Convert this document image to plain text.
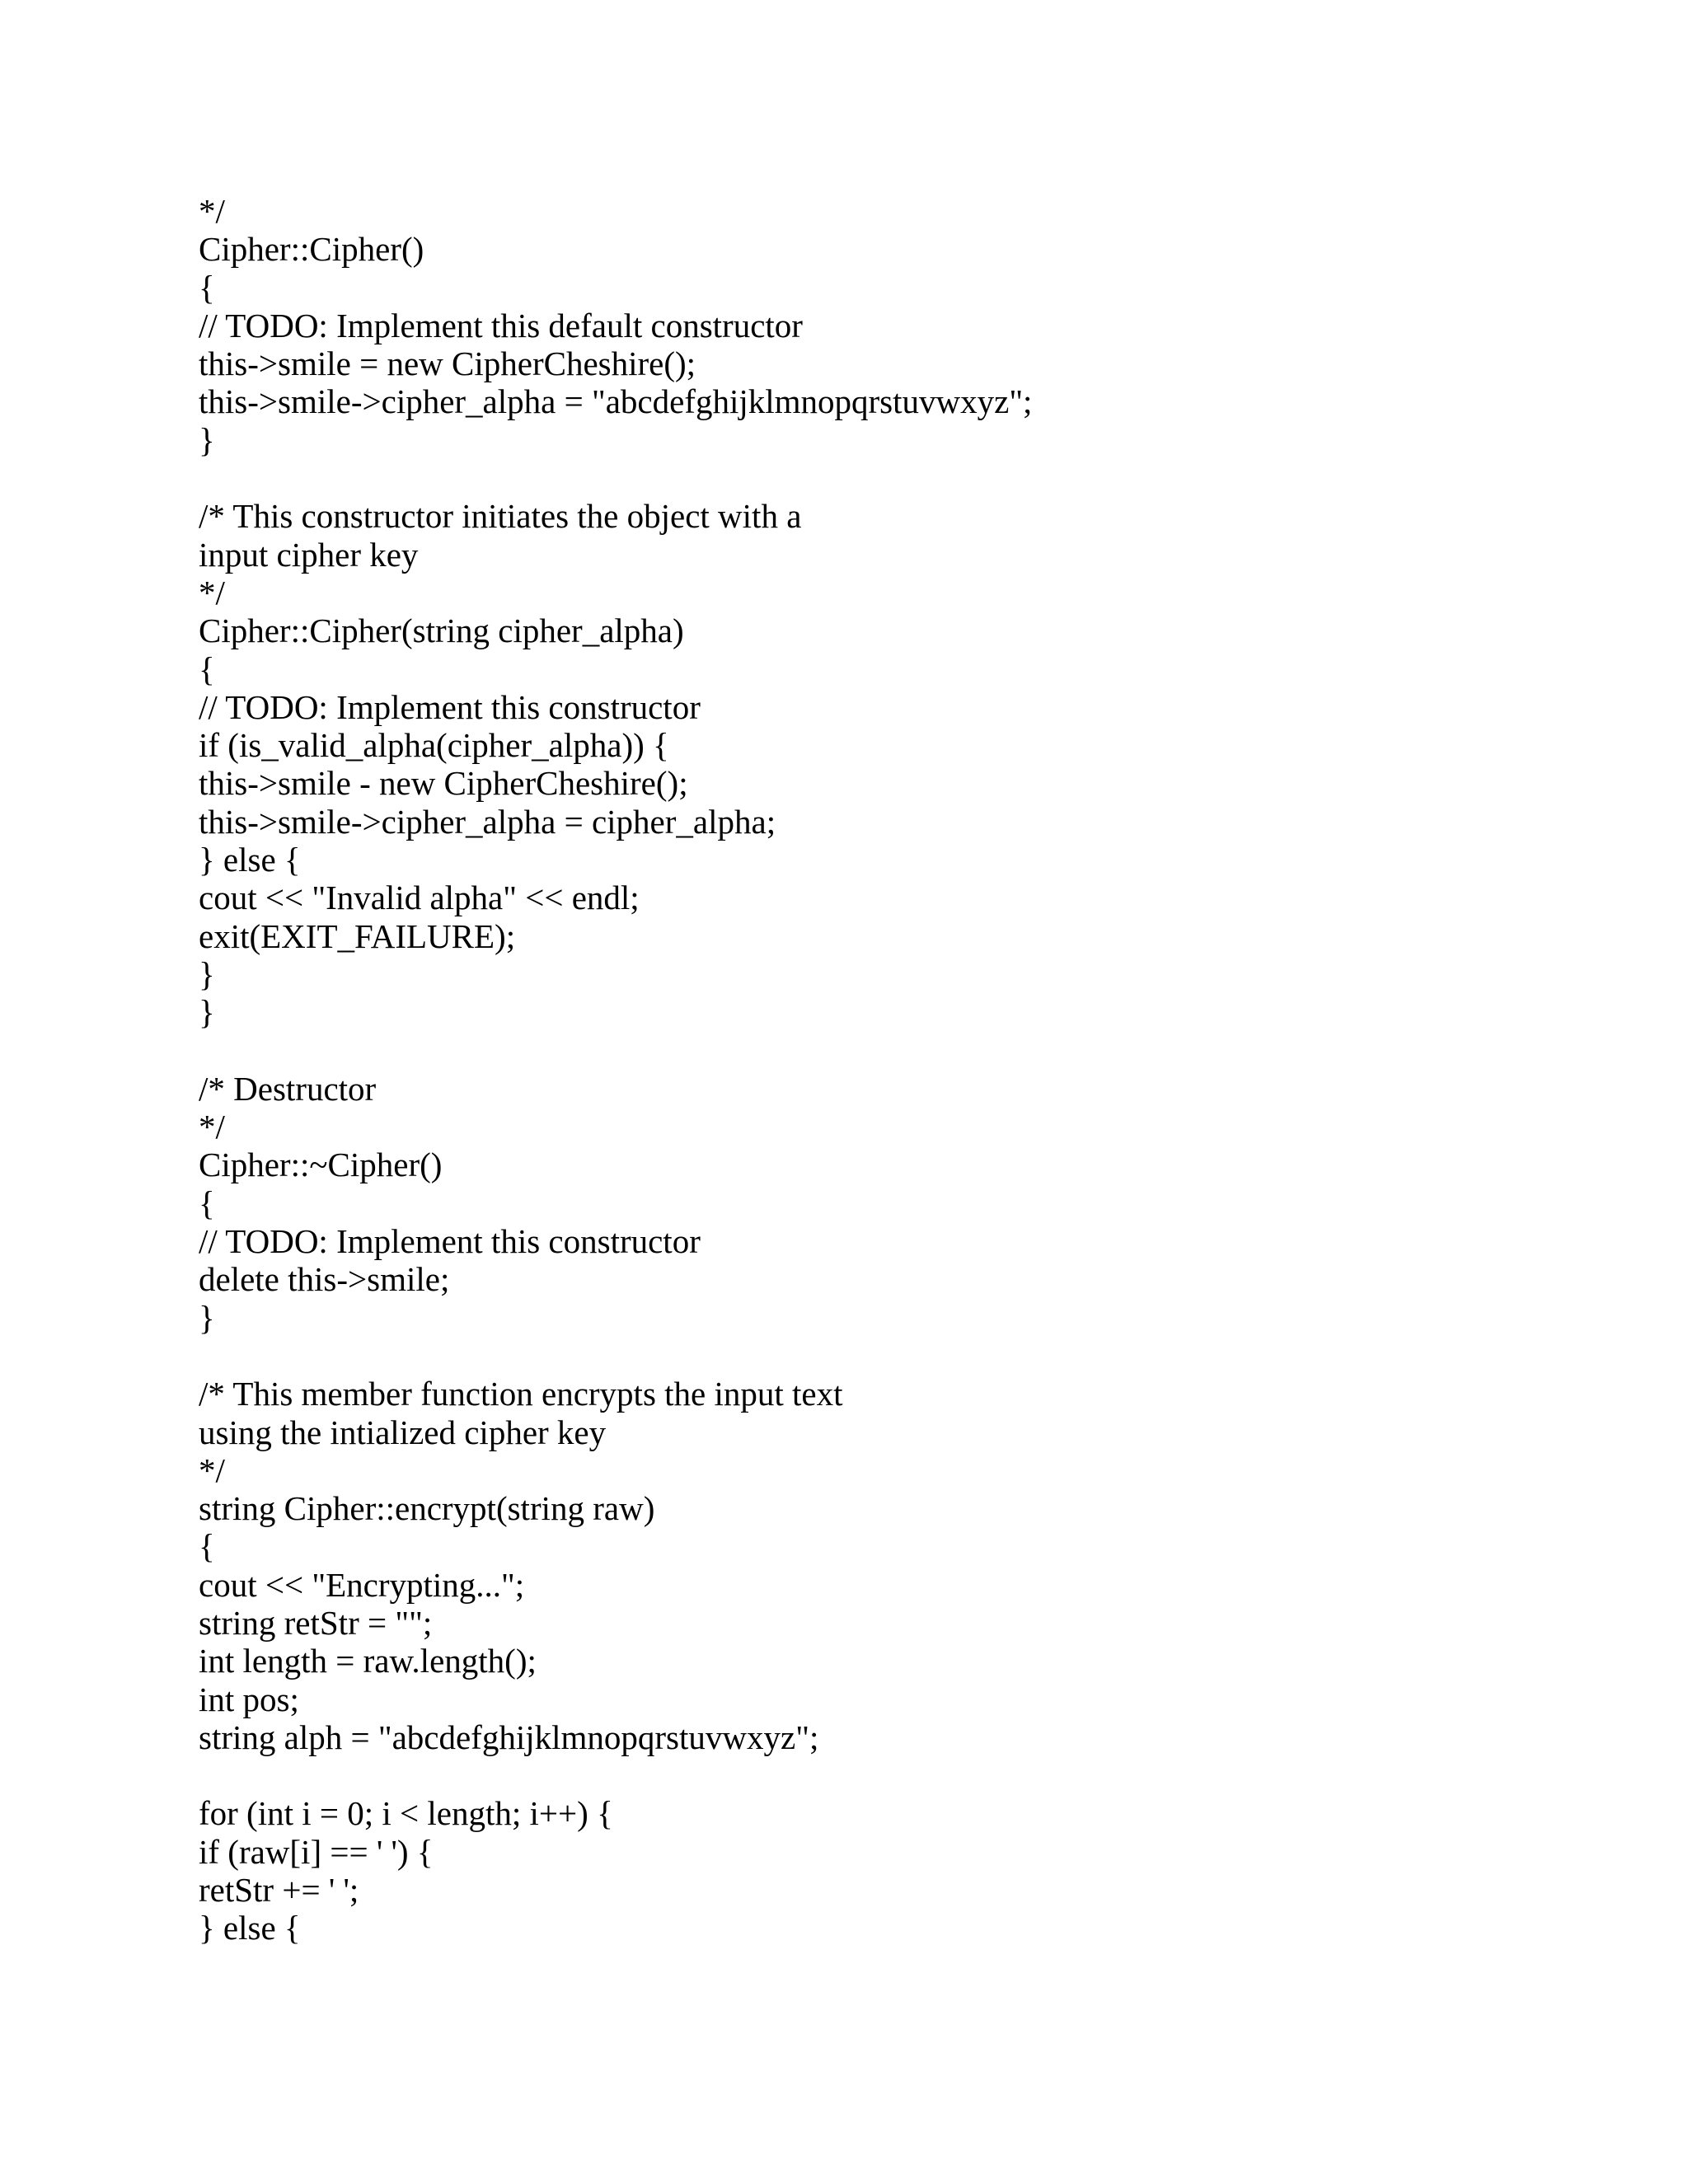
*/
Cipher::Cipher()
{
// TODO: Implement this default constructor
this->smile = new CipherCheshire();
this->smile->cipher_alpha = "abcdefghijklmnopqrstuvwxyz";
}
/* This constructor initiates the object with a
input cipher key
*/
Cipher::Cipher(string cipher_alpha)
{
// TODO: Implement this constructor
if (is_valid_alpha(cipher_alpha)) {
this->smile - new CipherCheshire();
this->smile->cipher_alpha = cipher_alpha;
} else {
cout << "Invalid alpha" << endl;
exit(EXIT_FAILURE);
}
}
/* Destructor
*/
Cipher::~Cipher()
{
// TODO: Implement this constructor
delete this->smile;
}
/* This member function encrypts the input text
using the intialized cipher key
*/
string Cipher::encrypt(string raw)
{
cout << "Encrypting...";
string retStr = "";
int length = raw.length();
int pos;
string alph = "abcdefghijklmnopqrstuvwxyz";
for (int i = 0; i < length; i++) {
if (raw[i] == ' ') {
retStr += ' ';
} else {
